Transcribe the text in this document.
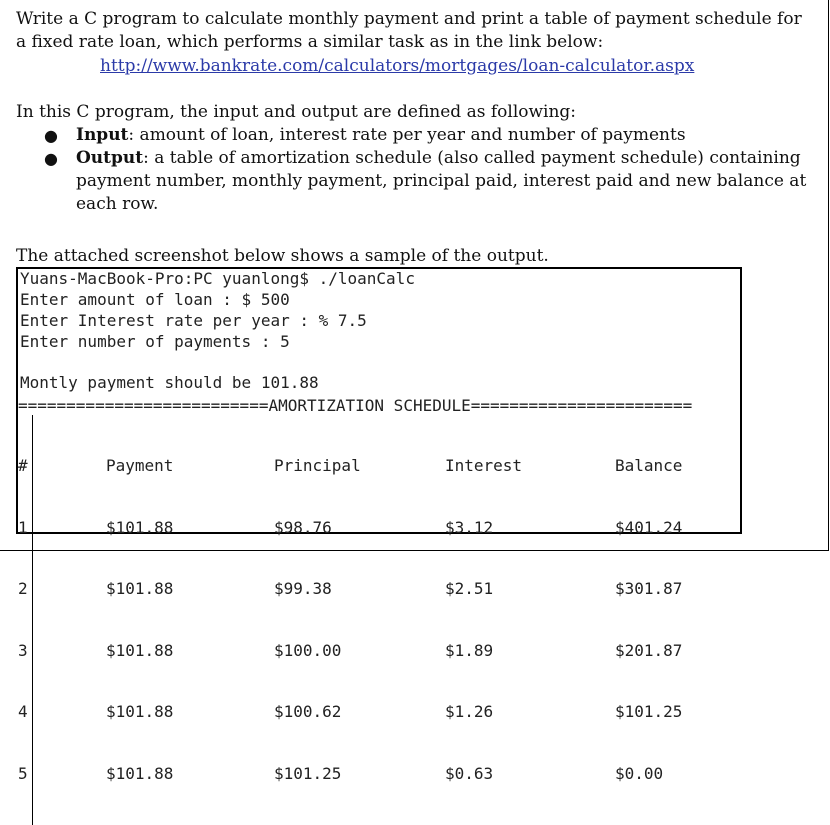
Write a C program to calculate monthly payment and print a table of payment schedule for a fixed rate loan, which performs a similar task as in the link below:
http://www.bankrate.com/calculators/mortgages/loan-calculator.aspx
In this C program, the input and output are defined as following:
● Input: amount of loan, interest rate per year and number of payments
● Output: a table of amortization schedule (also called payment schedule) containing payment number, monthly payment, principal paid, interest paid and new balance at each row.
The attached screenshot below shows a sample of the output.
Yuans-MacBook-Pro:PC yuanlong$ ./loanCalc
Enter amount of loan : $ 500
Enter Interest rate per year : % 7.5
Enter number of payments : 5
Montly payment should be 101.88
==========================AMORTIZATION SCHEDULE=======================

#

1

2

3

4

5

Payment

$101.88

$101.88

$101.88

$101.88

$101.88

Principal

$98.76

$99.38

$100.00

$100.62

$101.25

Interest

$3.12

$2.51

$1.89

$1.26

$0.63

Balance

$401.24

$301.87

$201.87

$101.25

$0.00
